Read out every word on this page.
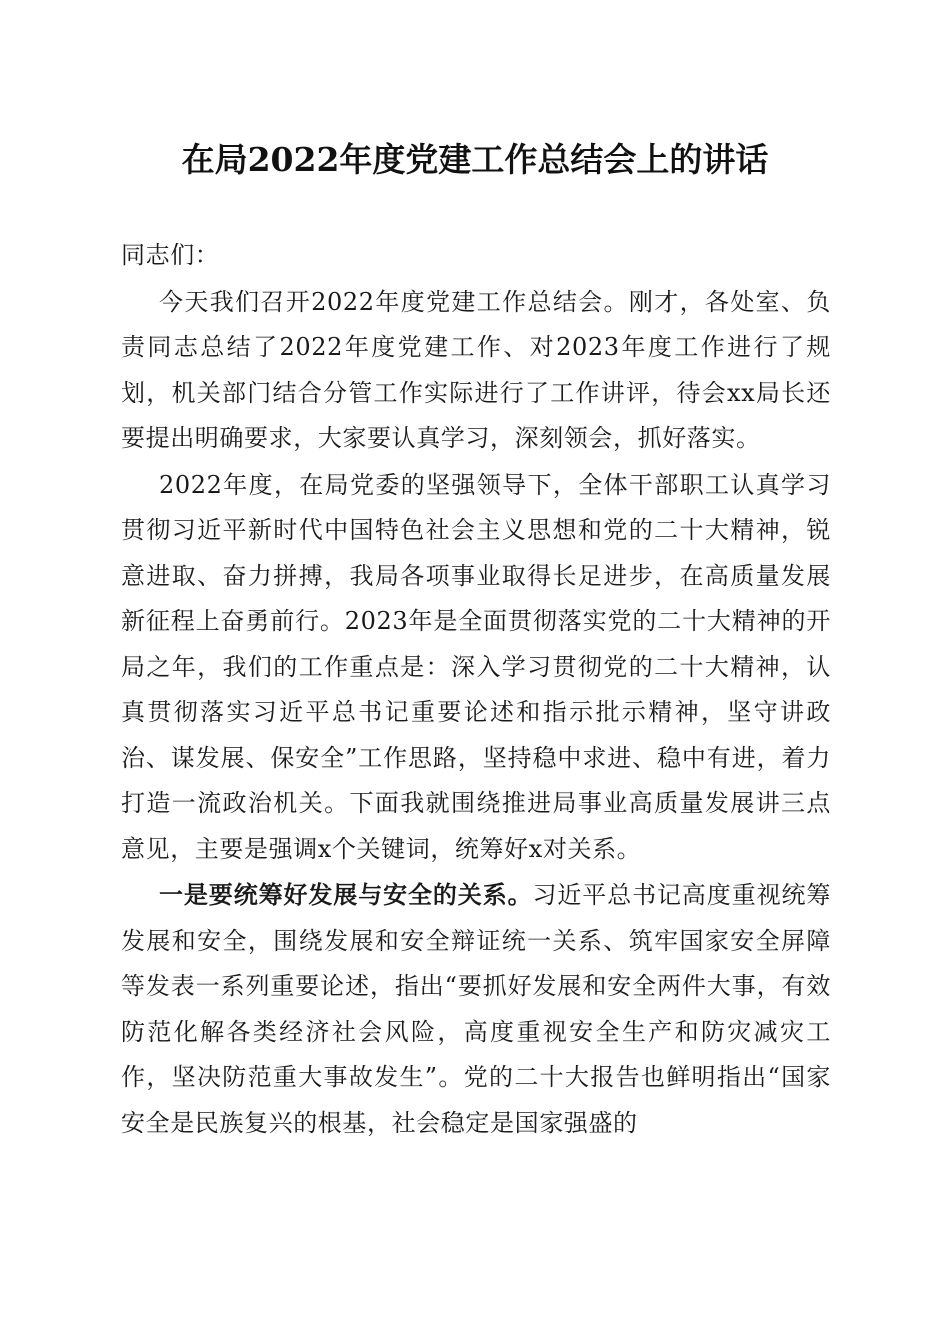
在局2022年度党建工作总结会上的讲话

同志们：

今天我们召开2022年度党建工作总结会。刚才，各处室、负责同志总结了2022年度党建工作、对2023年度工作进行了规划，机关部门结合分管工作实际进行了工作讲评，待会xx局长还要提出明确要求，大家要认真学习，深刻领会，抓好落实。

2022年度，在局党委的坚强领导下，全体干部职工认真学习贯彻习近平新时代中国特色社会主义思想和党的二十大精神，锐意进取、奋力拼搏，我局各项事业取得长足进步，在高质量发展新征程上奋勇前行。2023年是全面贯彻落实党的二十大精神的开局之年，我们的工作重点是：深入学习贯彻党的二十大精神，认真贯彻落实习近平总书记重要论述和指示批示精神，坚守讲政治、谋发展、保安全”工作思路，坚持稳中求进、稳中有进，着力打造一流政治机关。下面我就围绕推进局事业高质量发展讲三点意见，主要是强调x个关键词，统筹好x对关系。

一是要统筹好发展与安全的关系。习近平总书记高度重视统筹发展和安全，围绕发展和安全辩证统一关系、筑牢国家安全屏障等发表一系列重要论述，指出“要抓好发展和安全两件大事，有效防范化解各类经济社会风险，高度重视安全生产和防灾减灾工作，坚决防范重大事故发生”。党的二十大报告也鲜明指出“国家安全是民族复兴的根基，社会稳定是国家强盛的
